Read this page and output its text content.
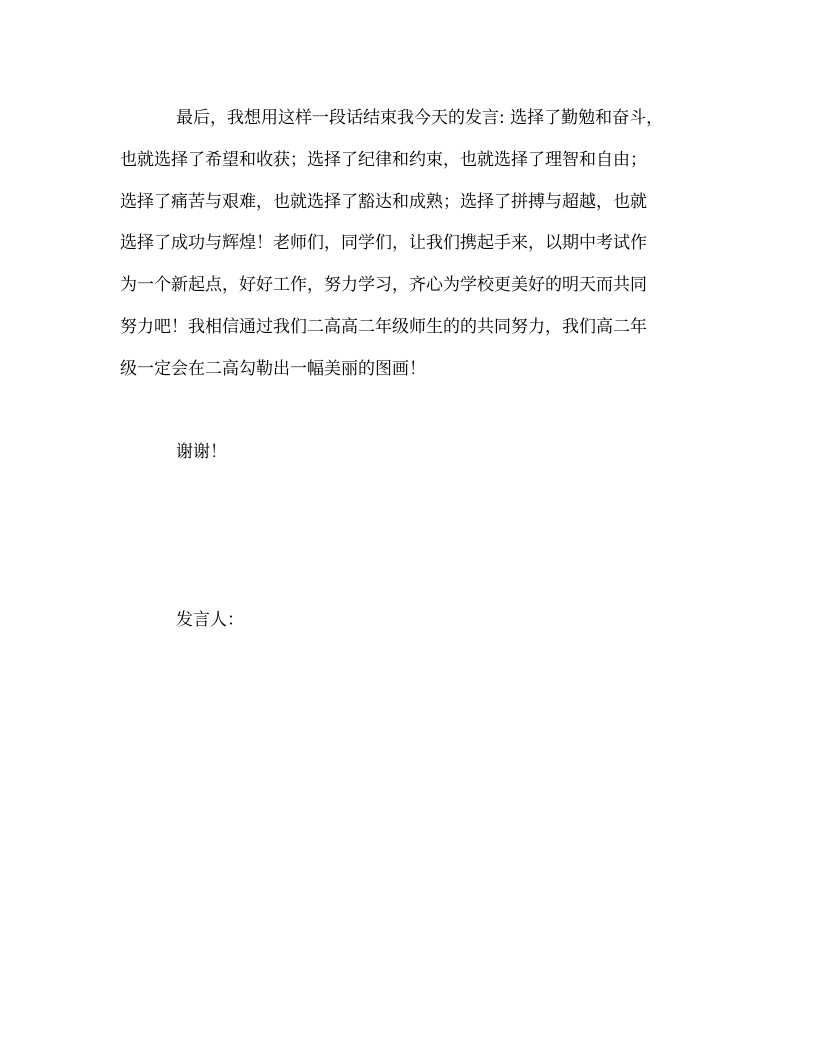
最后，我想用这样一段话结束我今天的发言: 选择了勤勉和奋斗，
也就选择了希望和收获；选择了纪律和约束，也就选择了理智和自由；
选择了痛苦与艰难，也就选择了豁达和成熟；选择了拼搏与超越，也就
选择了成功与辉煌！老师们，同学们，让我们携起手来，以期中考试作
为一个新起点，好好工作，努力学习，齐心为学校更美好的明天而共同
努力吧！我相信通过我们二高高二年级师生的的共同努力，我们高二年
级一定会在二高勾勒出一幅美丽的图画！
谢谢！
发言人：
